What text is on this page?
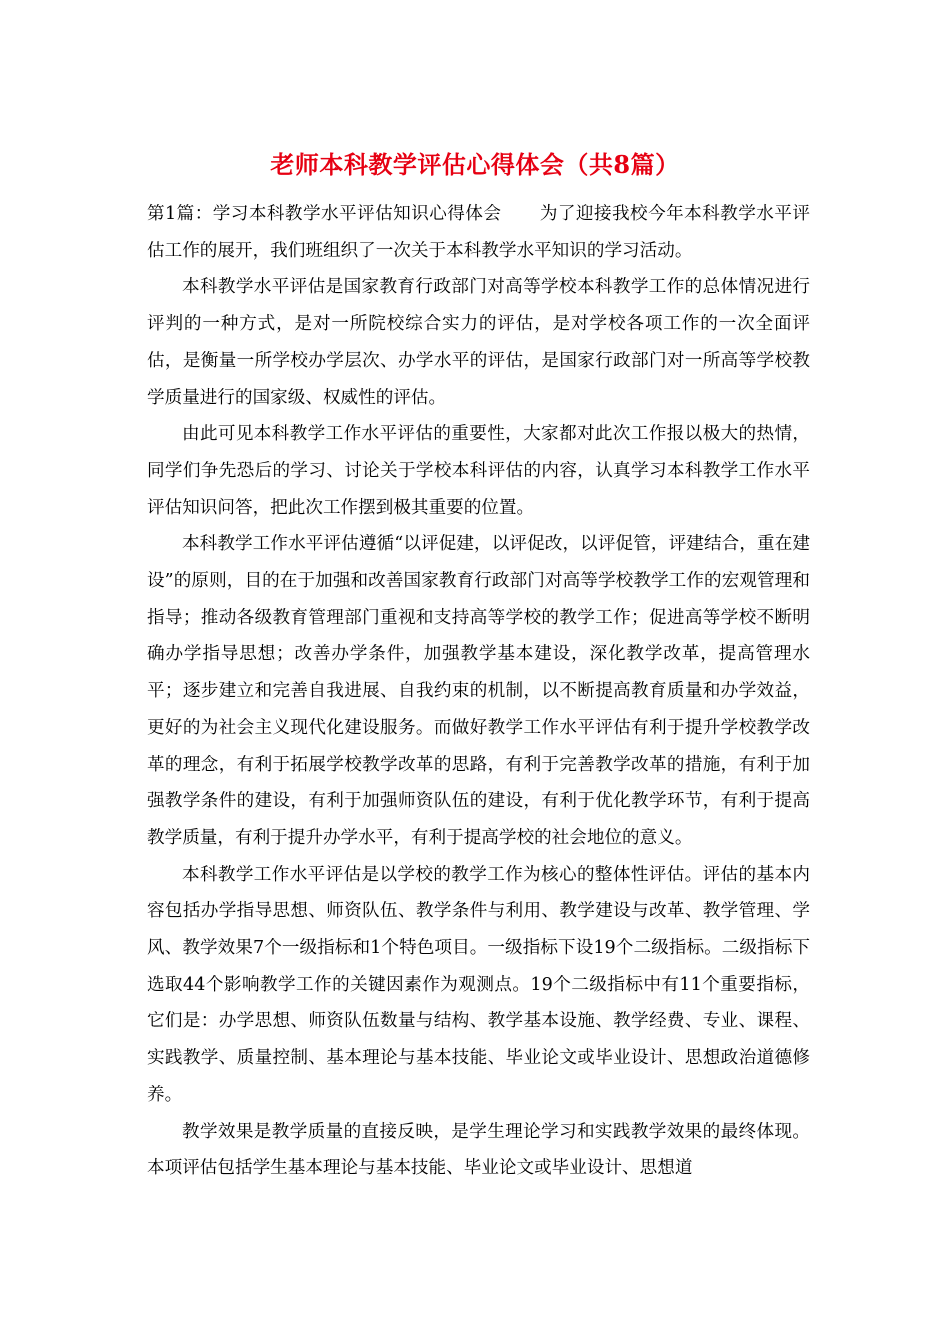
老师本科教学评估心得体会（共8篇）

第1篇：学习本科教学水平评估知识心得体会 为了迎接我校今年本科教学水平评估工作的展开，我们班组织了一次关于本科教学水平知识的学习活动。

本科教学水平评估是国家教育行政部门对高等学校本科教学工作的总体情况进行评判的一种方式，是对一所院校综合实力的评估，是对学校各项工作的一次全面评估，是衡量一所学校办学层次、办学水平的评估，是国家行政部门对一所高等学校教学质量进行的国家级、权威性的评估。

由此可见本科教学工作水平评估的重要性，大家都对此次工作报以极大的热情，同学们争先恐后的学习、讨论关于学校本科评估的内容，认真学习本科教学工作水平评估知识问答，把此次工作摆到极其重要的位置。

本科教学工作水平评估遵循“以评促建，以评促改，以评促管，评建结合，重在建设”的原则，目的在于加强和改善国家教育行政部门对高等学校教学工作的宏观管理和指导；推动各级教育管理部门重视和支持高等学校的教学工作；促进高等学校不断明确办学指导思想；改善办学条件，加强教学基本建设，深化教学改革，提高管理水平；逐步建立和完善自我进展、自我约束的机制，以不断提高教育质量和办学效益，更好的为社会主义现代化建设服务。而做好教学工作水平评估有利于提升学校教学改革的理念，有利于拓展学校教学改革的思路，有利于完善教学改革的措施，有利于加强教学条件的建设，有利于加强师资队伍的建设，有利于优化教学环节，有利于提高教学质量，有利于提升办学水平，有利于提高学校的社会地位的意义。

本科教学工作水平评估是以学校的教学工作为核心的整体性评估。评估的基本内容包括办学指导思想、师资队伍、教学条件与利用、教学建设与改革、教学管理、学风、教学效果7个一级指标和1个特色项目。一级指标下设19个二级指标。二级指标下选取44个影响教学工作的关键因素作为观测点。19个二级指标中有11个重要指标，它们是：办学思想、师资队伍数量与结构、教学基本设施、教学经费、专业、课程、实践教学、质量控制、基本理论与基本技能、毕业论文或毕业设计、思想政治道德修养。

教学效果是教学质量的直接反映，是学生理论学习和实践教学效果的最终体现。本项评估包括学生基本理论与基本技能、毕业论文或毕业设计、思想道
